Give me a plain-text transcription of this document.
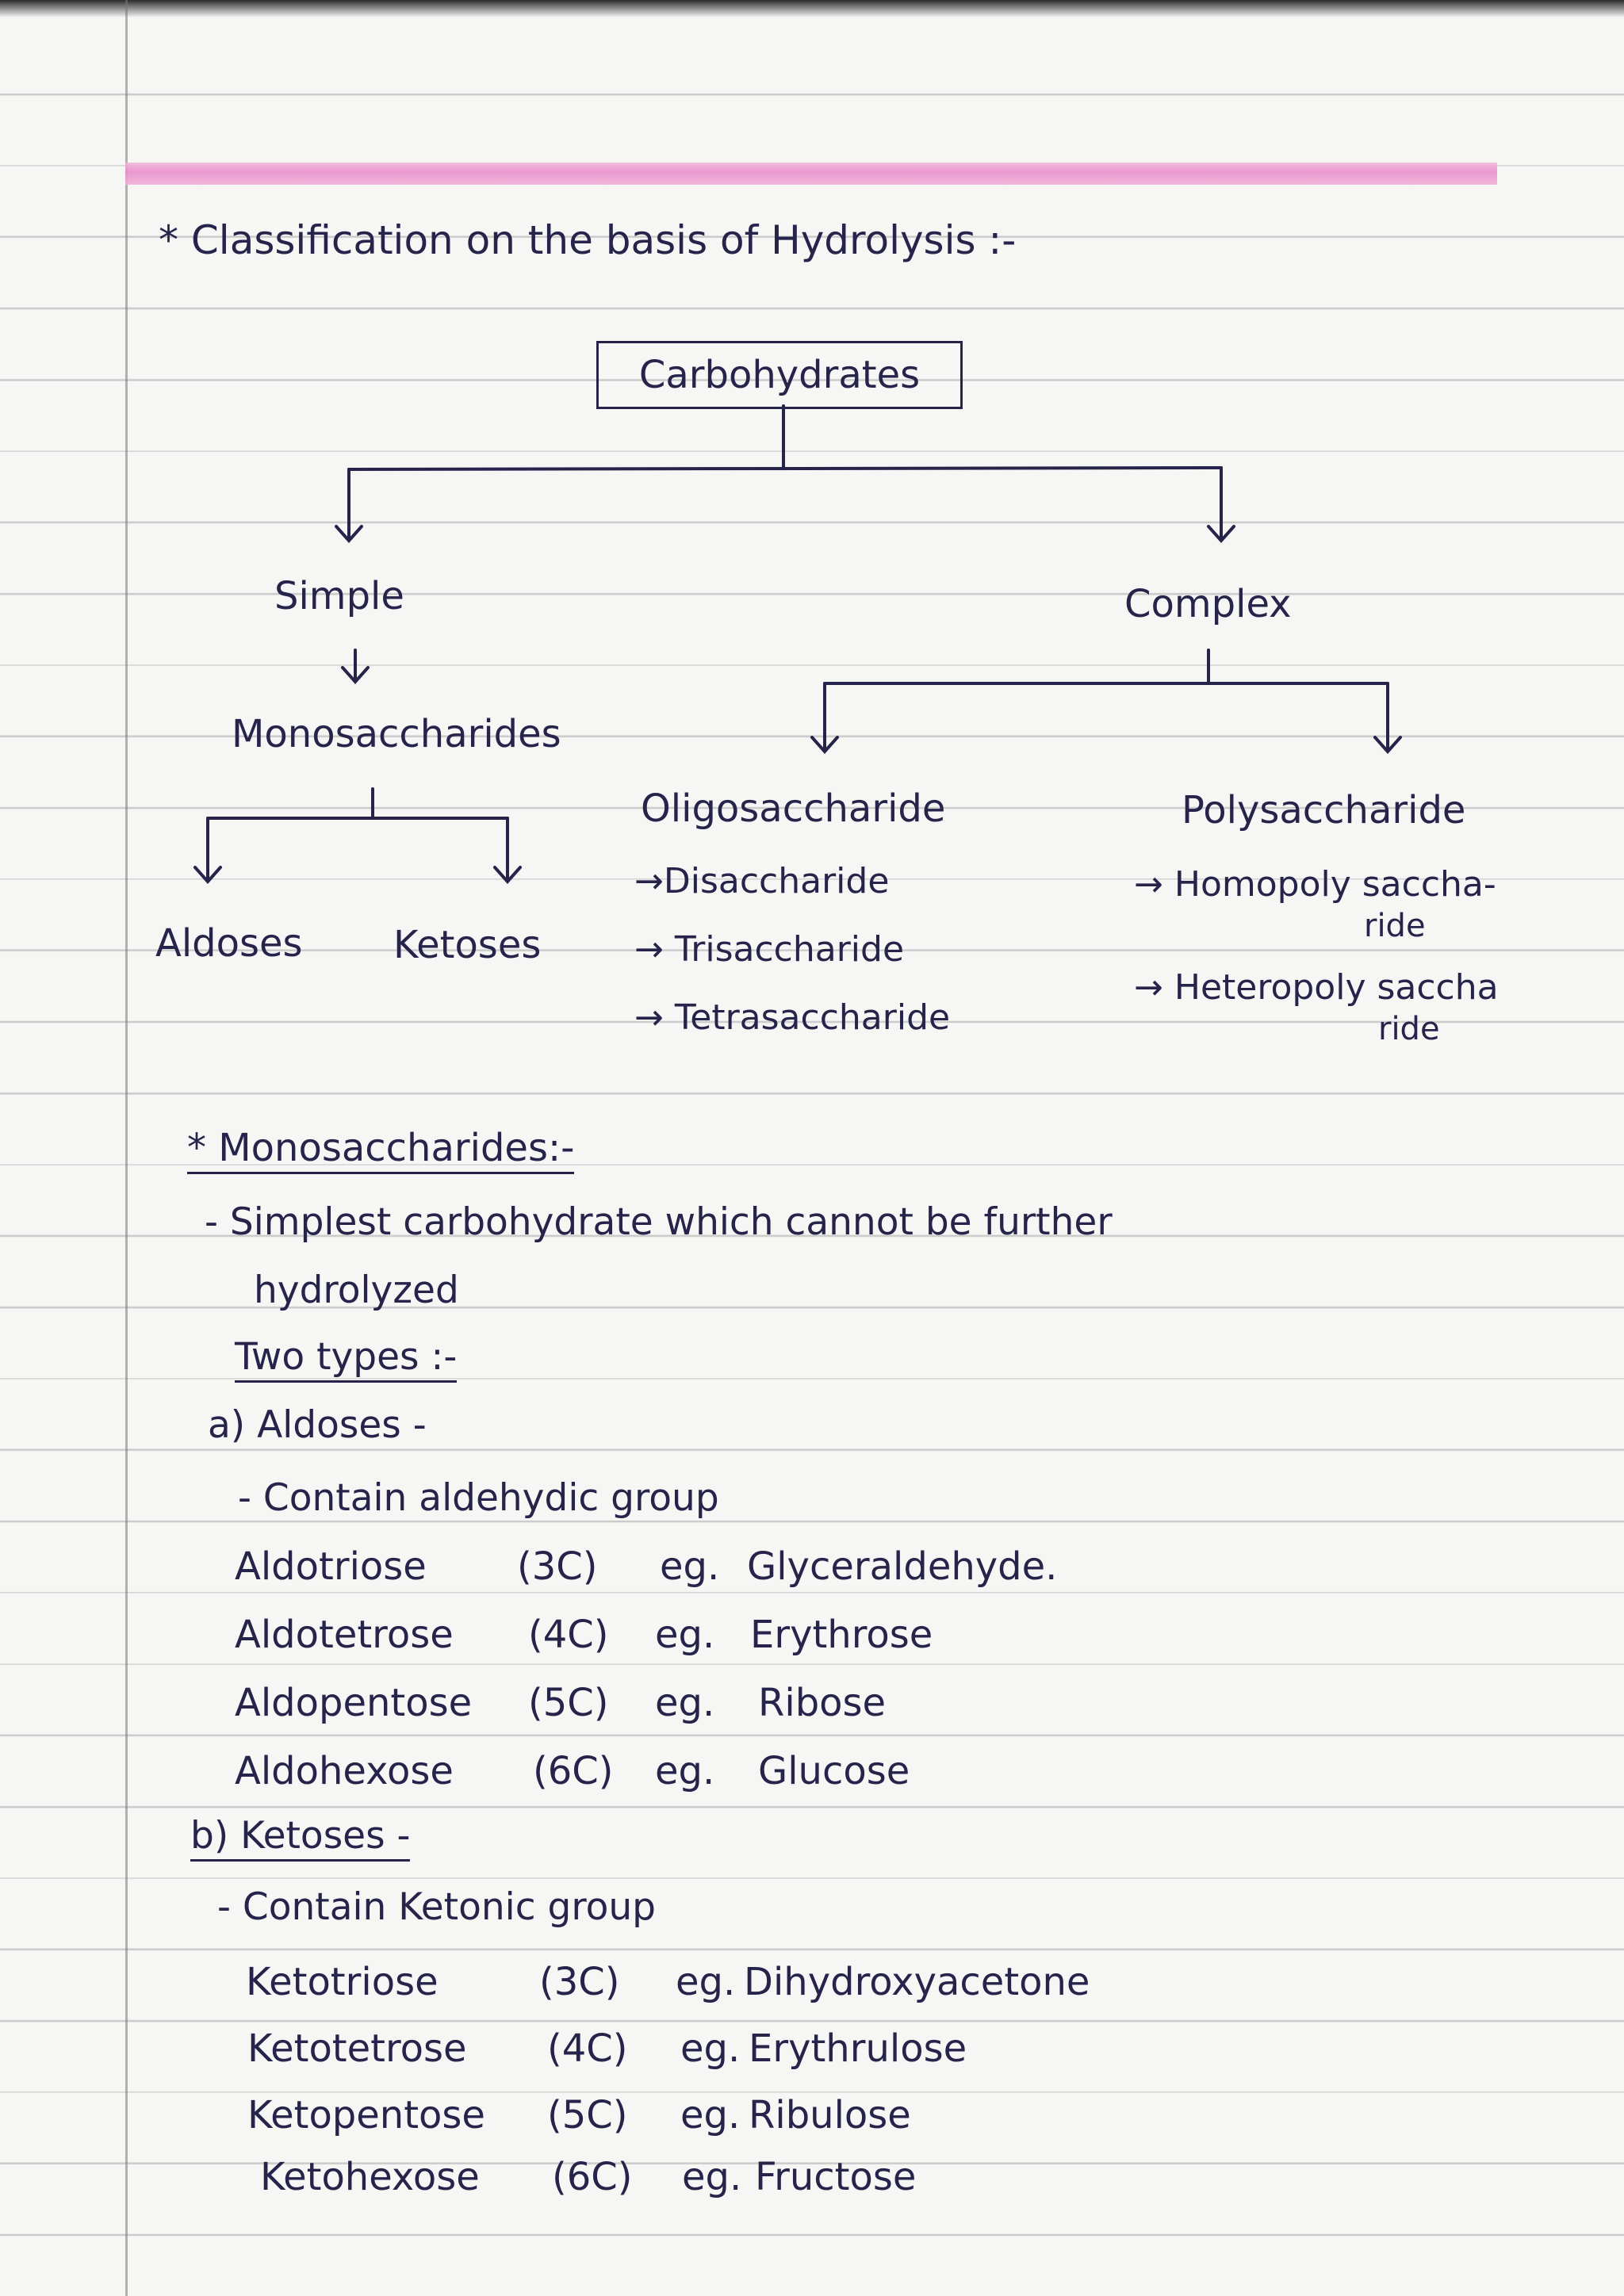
* Classification on the basis of Hydrolysis :-
Carbohydrates
Simple	Complex
Monosaccharides
Oligosaccharide	Polysaccharide
Aldoses Ketoses
→Disaccharide
→ Trisaccharide
→ Tetrasaccharide
→ Homopoly saccha-
ride
→ Heteropoly saccha
ride
* Monosaccharides:-
- Simplest carbohydrate which cannot be further
hydrolyzed
Two types :-
a) Aldoses -
- Contain aldehydic group
Aldotriose (3C) eg. Glyceraldehyde.
Aldotetrose (4C) eg. Erythrose
Aldopentose (5C) eg. Ribose
Aldohexose (6C) eg. Glucose
b) Ketoses -
- Contain Ketonic group
Ketotriose	(3C) eg. Dihydroxyacetone
Ketotetrose (4C) eg. Erythrulose
Ketopentose (5C) eg. Ribulose
Ketohexose (6C) eg. Fructose
